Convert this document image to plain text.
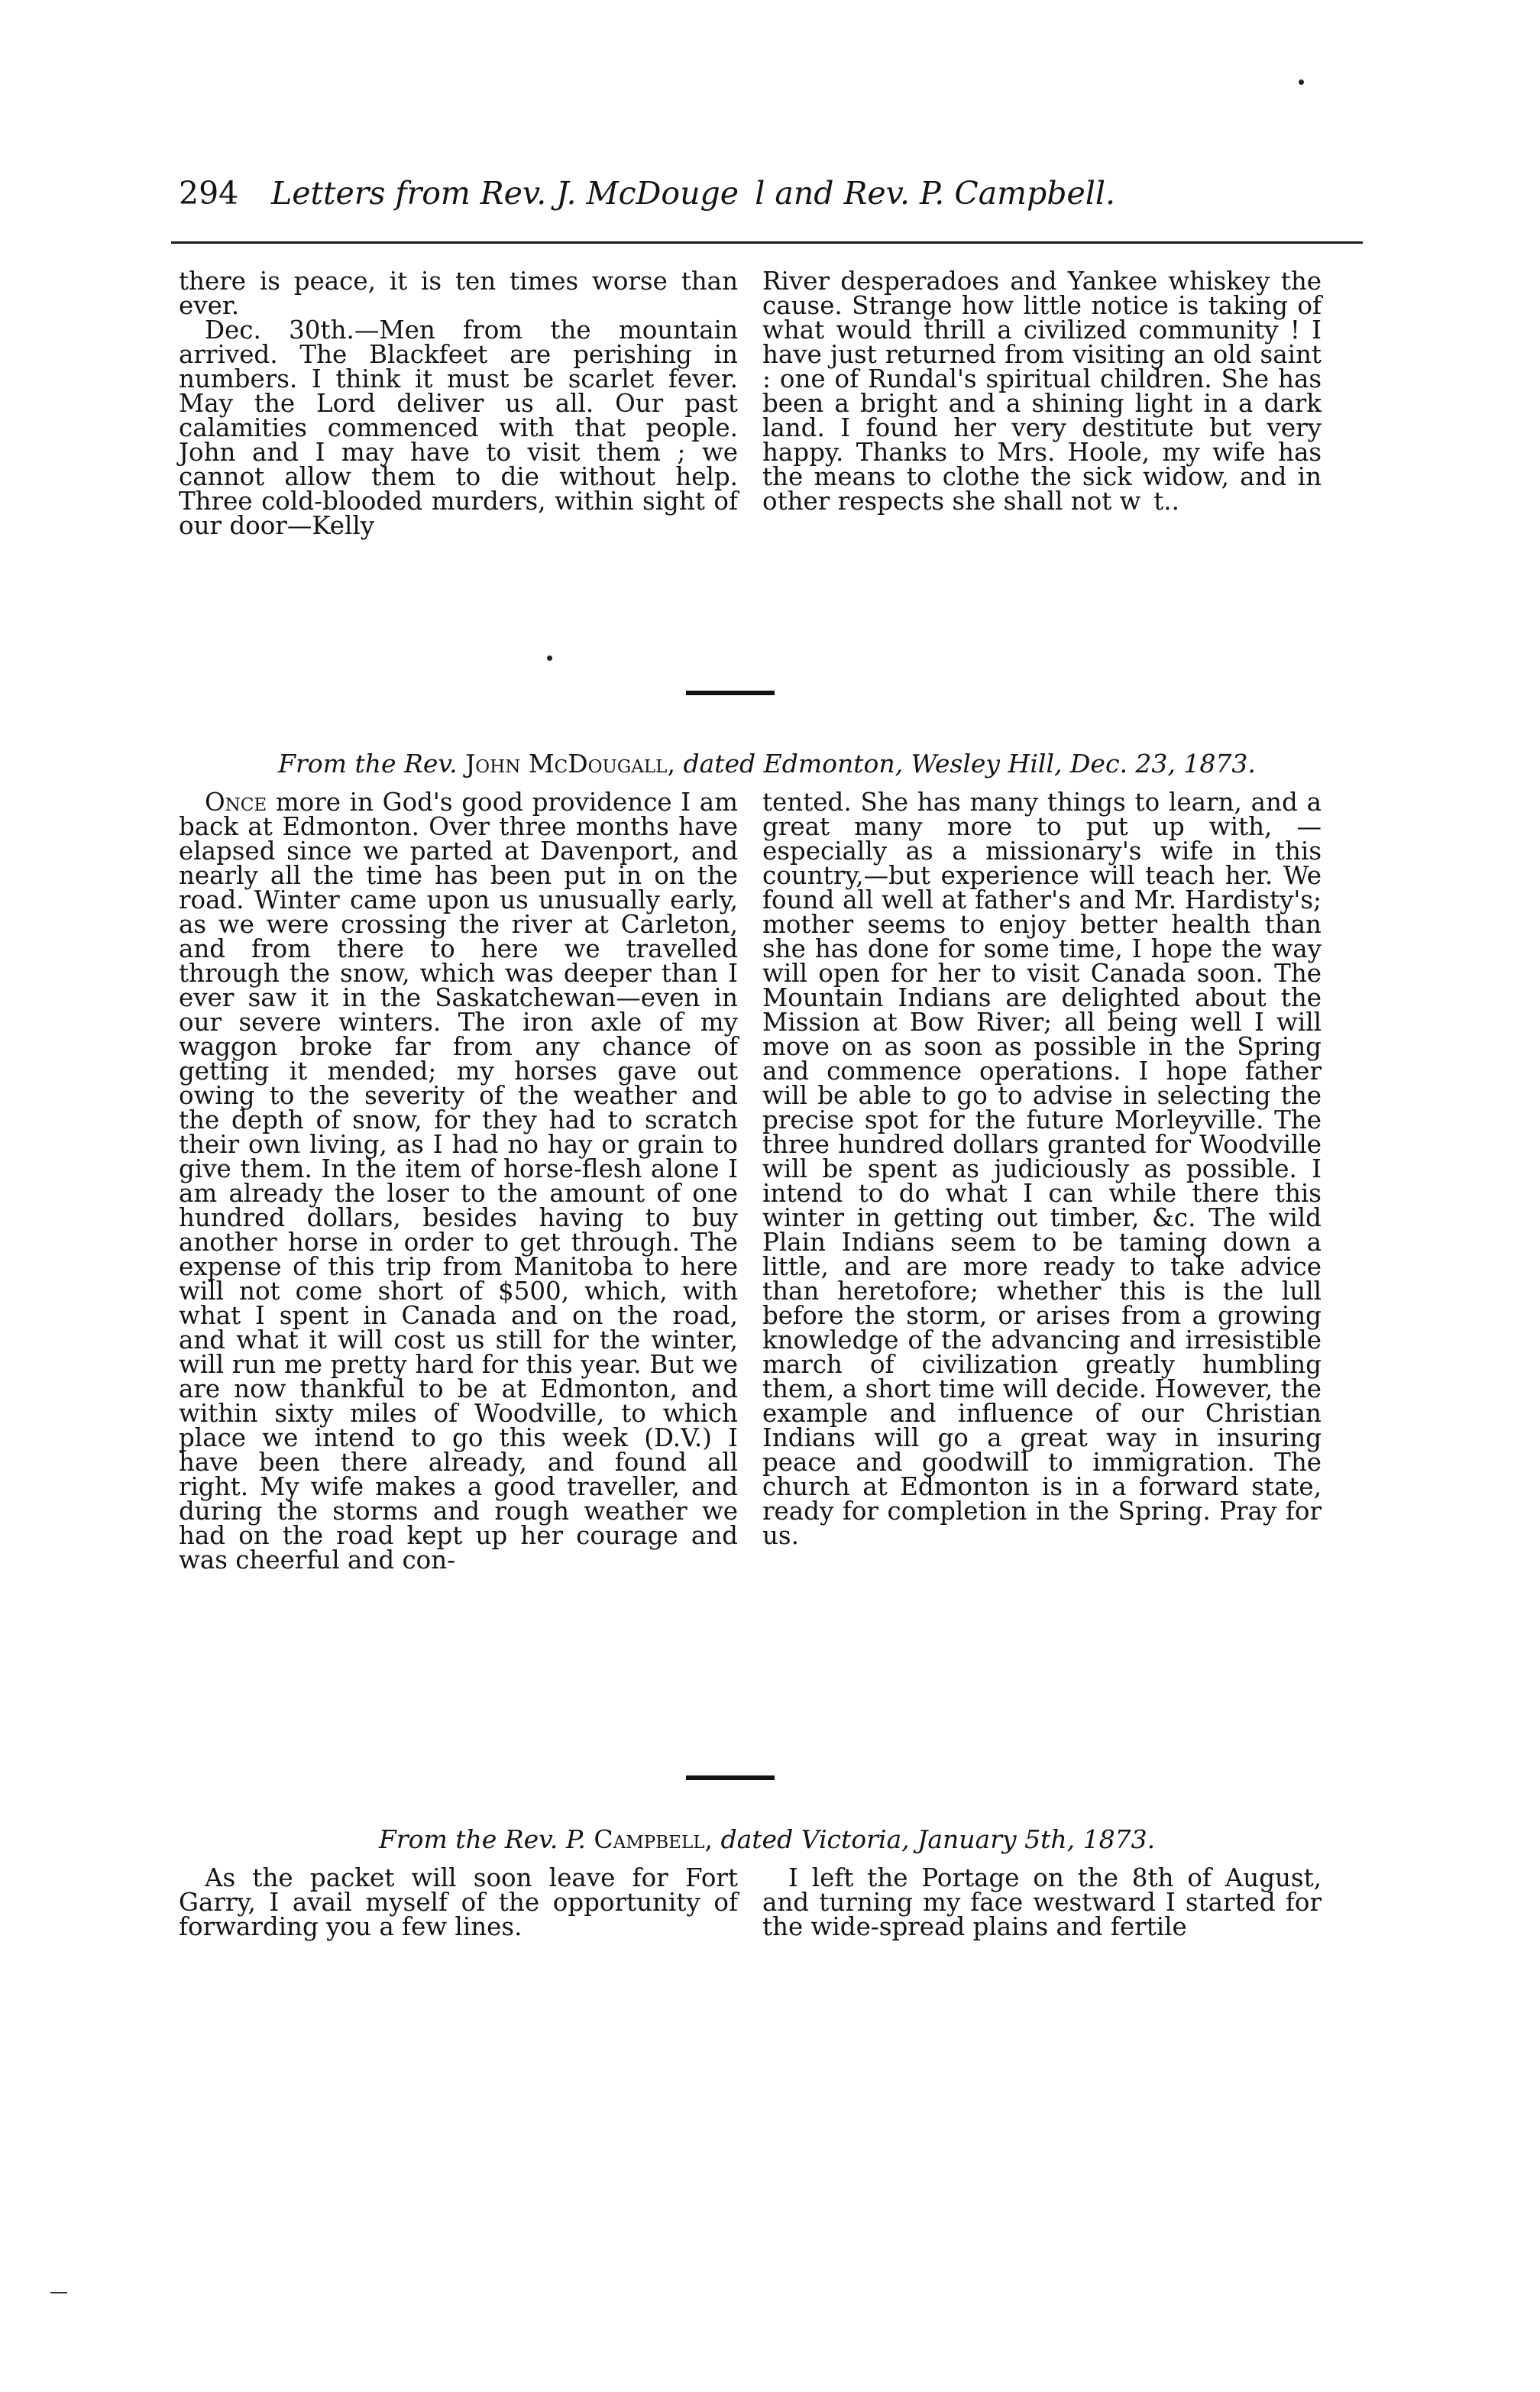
294 Letters from Rev. J. McDouge  l and Rev. P. Campbell.

there is peace, it is ten times worse than ever.

Dec. 30th.—Men from the mountain arrived. The Blackfeet are perishing in numbers. I think it must be scarlet fever. May the Lord deliver us all. Our past calamities commenced with that people. John and I may have to visit them ; we cannot allow them to die without help. Three cold-blooded murders, within sight of our door—Kelly

River desperadoes and Yankee whiskey the cause. Strange how little notice is taking of what would thrill a civilized community ! I have just returned from visiting an old saint : one of Rundal's spiritual children. She has been a bright and a shining light in a dark land. I found her very destitute but very happy. Thanks to Mrs. Hoole, my wife has the means to clothe the sick widow, and in other respects she shall not w  t..

From the Rev. John McDougall, dated Edmonton, Wesley Hill, Dec. 23, 1873.

Once more in God's good providence I am back at Edmonton. Over three months have elapsed since we parted at Davenport, and nearly all the time has been put in on the road. Winter came upon us unusually early, as we were crossing the river at Carleton, and from there to here we travelled through the snow, which was deeper than I ever saw it in the Saskatchewan—even in our severe winters. The iron axle of my waggon broke far from any chance of getting it mended; my horses gave out owing to the severity of the weather and the depth of snow, for they had to scratch their own living, as I had no hay or grain to give them. In the item of horse-flesh alone I am already the loser to the amount of one hundred dollars, besides having to buy another horse in order to get through. The expense of this trip from Manitoba to here will not come short of $500, which, with what I spent in Canada and on the road, and what it will cost us still for the winter, will run me pretty hard for this year. But we are now thankful to be at Edmonton, and within sixty miles of Woodville, to which place we intend to go this week (D.V.) I have been there already, and found all right. My wife makes a good traveller, and during the storms and rough weather we had on the road kept up her courage and was cheerful and con-

tented. She has many things to learn, and a great many more to put up with, —especially as a missionary's wife in this country,—but experience will teach her. We found all well at father's and Mr. Hardisty's; mother seems to enjoy better health than she has done for some time, I hope the way will open for her to visit Canada soon. The Mountain Indians are delighted about the Mission at Bow River; all being well I will move on as soon as possible in the Spring and commence operations. I hope father will be able to go to advise in selecting the precise spot for the future Morleyville. The three hundred dollars granted for Woodville will be spent as judiciously as possible. I intend to do what I can while there this winter in getting out timber, &c. The wild Plain Indians seem to be taming down a little, and are more ready to take advice than heretofore; whether this is the lull before the storm, or arises from a growing knowledge of the advancing and irresistible march of civilization greatly humbling them, a short time will decide. However, the example and influence of our Christian Indians will go a great way in insuring peace and goodwill to immigration. The church at Edmonton is in a forward state, ready for completion in the Spring. Pray for us.

From the Rev. P. Campbell, dated Victoria, January 5th, 1873.

As the packet will soon leave for Fort Garry, I avail myself of the opportunity of forwarding you a few lines.

I left the Portage on the 8th of August, and turning my face westward I started for the wide-spread plains and fertile
